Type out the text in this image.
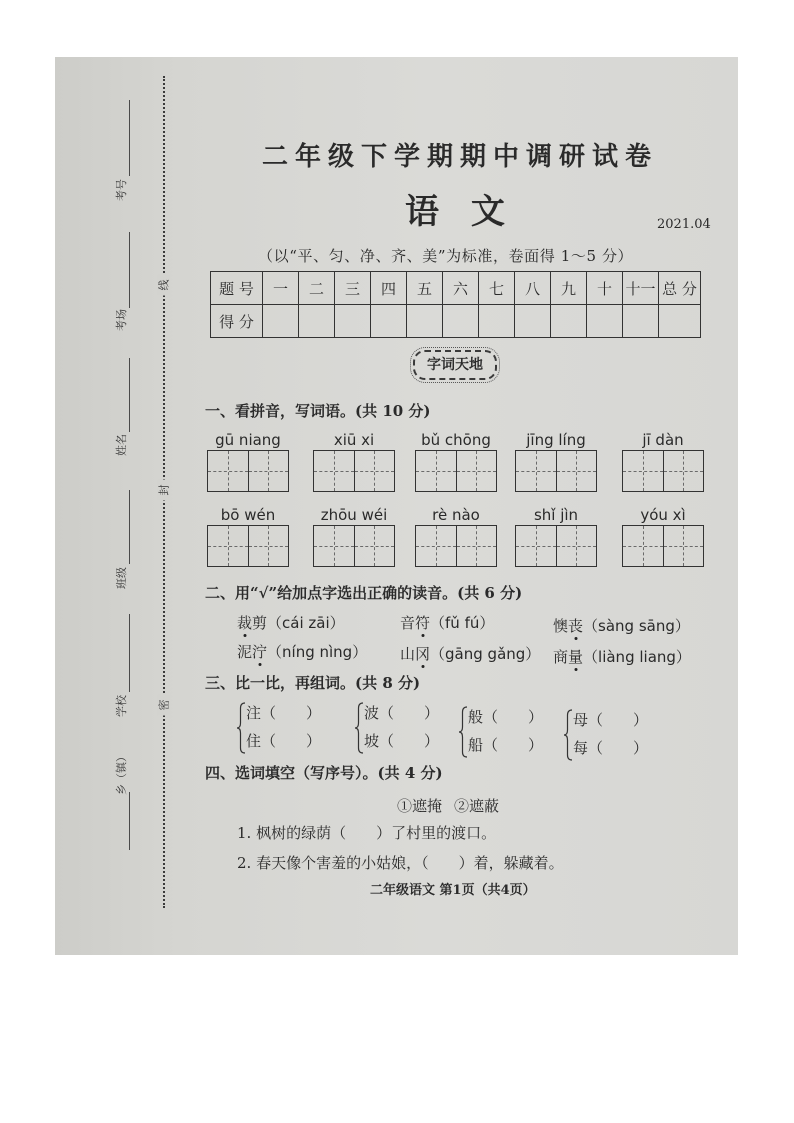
考号
考场
姓名
班级
学校
乡（镇）
线
封
密
二年级下学期期中调研试卷
语 文	2021.04
（以“平、匀、净、齐、美”为标准，卷面得 1～5 分）
题 号	一	二	三	四	五	六	七	八	九	十	十一	总 分
得 分												
字词天地
一、看拼音，写词语。(共 10 分)
gū niang	xiū xi	bǔ chōng	jīng líng	jī dàn
bō wén	zhōu wéi	rè nào	shǐ jìn	yóu xì
二、用“√”给加点字选出正确的读音。(共 6 分)
裁剪（cái zāi）	音符（fǔ fú）	懊丧（sàng sāng）
泥泞（níng nìng） 山冈（gāng gǎng） 商量（liàng liang）
三、比一比，再组词。(共 8 分)
注（　　）
住（　　）
波（　　）
坡（　　）
般（　　）
船（　　）
母（　　）
每（　　）
四、选词填空（写序号）。(共 4 分)
①遮掩 ②遮蔽
1. 枫树的绿荫（　　）了村里的渡口。
2. 春天像个害羞的小姑娘，（　　）着，躲藏着。
二年级语文 第1页（共4页）
